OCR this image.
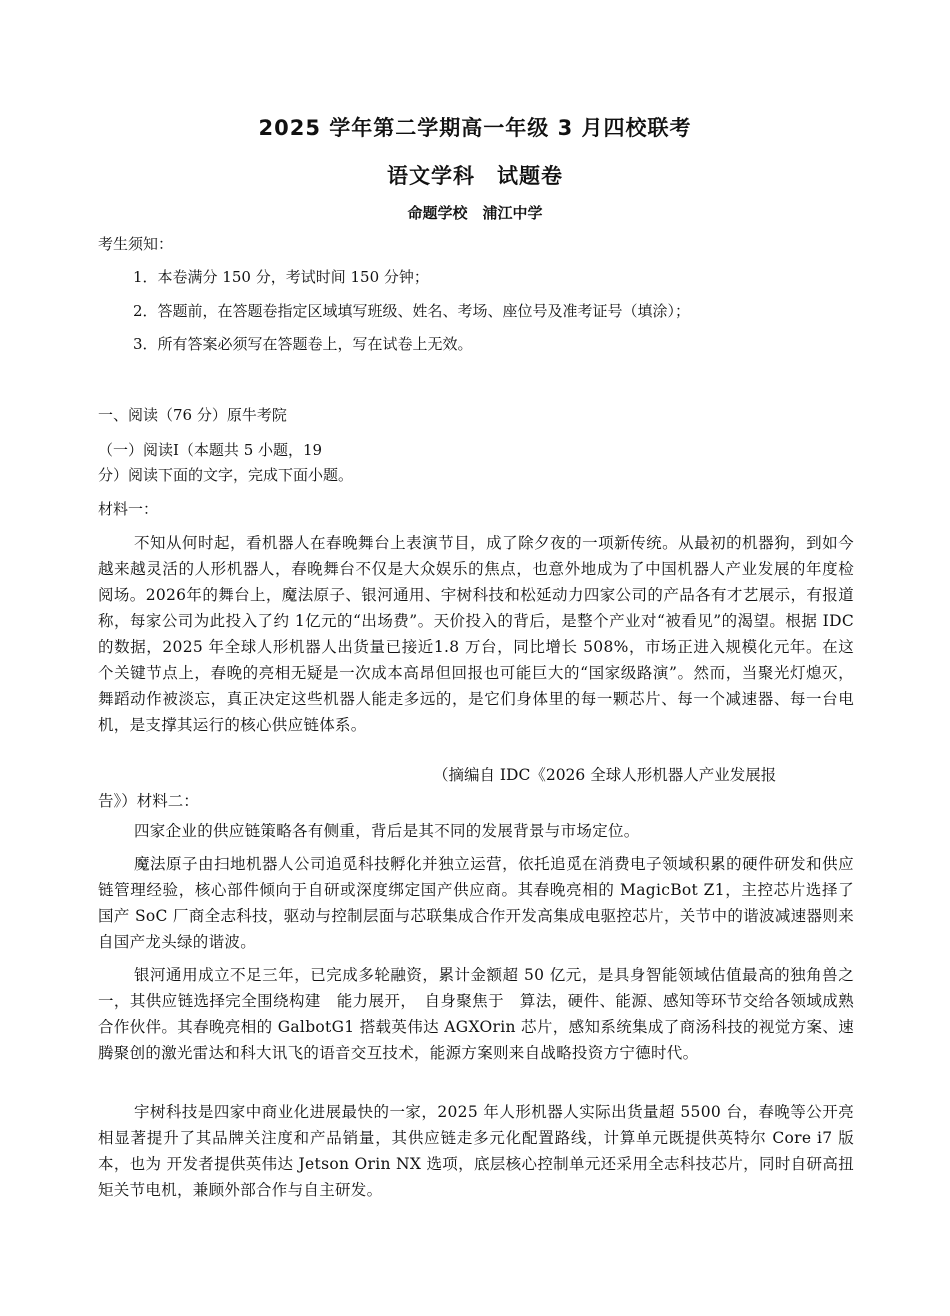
2025 学年第二学期高一年级 3 月四校联考
语文学科　试题卷
命题学校　浦江中学
考生须知：
1．本卷满分 150 分，考试时间 150 分钟；
2．答题前，在答题卷指定区域填写班级、姓名、考场、座位号及准考证号（填涂）；
3．所有答案必须写在答题卷上，写在试卷上无效。
一、阅读（76 分）原牛考院
（一）阅读Ⅰ（本题共 5 小题，19
分）阅读下面的文字，完成下面小题。
材料一：
不知从何时起，看机器人在春晚舞台上表演节目，成了除夕夜的一项新传统。从最初的机器狗，到如今越来越灵活的人形机器人，春晚舞台不仅是大众娱乐的焦点，也意外地成为了中国机器人产业发展的年度检阅场。2026年的舞台上，魔法原子、银河通用、宇树科技和松延动力四家公司的产品各有才艺展示，有报道称，每家公司为此投入了约 1亿元的“出场费”。天价投入的背后，是整个产业对“被看见”的渴望。根据 IDC 的数据，2025 年全球人形机器人出货量已接近1.8 万台，同比增长 508%，市场正进入规模化元年。在这个关键节点上，春晚的亮相无疑是一次成本高昂但回报也可能巨大的“国家级路演”。然而，当聚光灯熄灭，舞蹈动作被淡忘，真正决定这些机器人能走多远的，是它们身体里的每一颗芯片、每一个减速器、每一台电机，是支撑其运行的核心供应链体系。
（摘编自 IDC《2026 全球人形机器人产业发展报
告》）材料二：
四家企业的供应链策略各有侧重，背后是其不同的发展背景与市场定位。
魔法原子由扫地机器人公司追觅科技孵化并独立运营，依托追觅在消费电子领域积累的硬件研发和供应链管理经验，核心部件倾向于自研或深度绑定国产供应商。其春晚亮相的 MagicBot Z1，主控芯片选择了国产 SoC 厂商全志科技，驱动与控制层面与芯联集成合作开发高集成电驱控芯片，关节中的谐波减速器则来自国产龙头绿的谐波。
银河通用成立不足三年，已完成多轮融资，累计金额超 50 亿元，是具身智能领域估值最高的独角兽之一，其供应链选择完全围绕构建　能力展开，　自身聚焦于　算法，硬件、能源、感知等环节交给各领域成熟合作伙伴。其春晚亮相的 GalbotG1 搭载英伟达 AGXOrin 芯片，感知系统集成了商汤科技的视觉方案、速腾聚创的激光雷达和科大讯飞的语音交互技术，能源方案则来自战略投资方宁德时代。
宇树科技是四家中商业化进展最快的一家，2025 年人形机器人实际出货量超 5500 台，春晚等公开亮相显著提升了其品牌关注度和产品销量，其供应链走多元化配置路线，计算单元既提供英特尔 Core i7 版本，也为 开发者提供英伟达 Jetson Orin NX 选项，底层核心控制单元还采用全志科技芯片，同时自研高扭矩关节电机，兼顾外部合作与自主研发。
